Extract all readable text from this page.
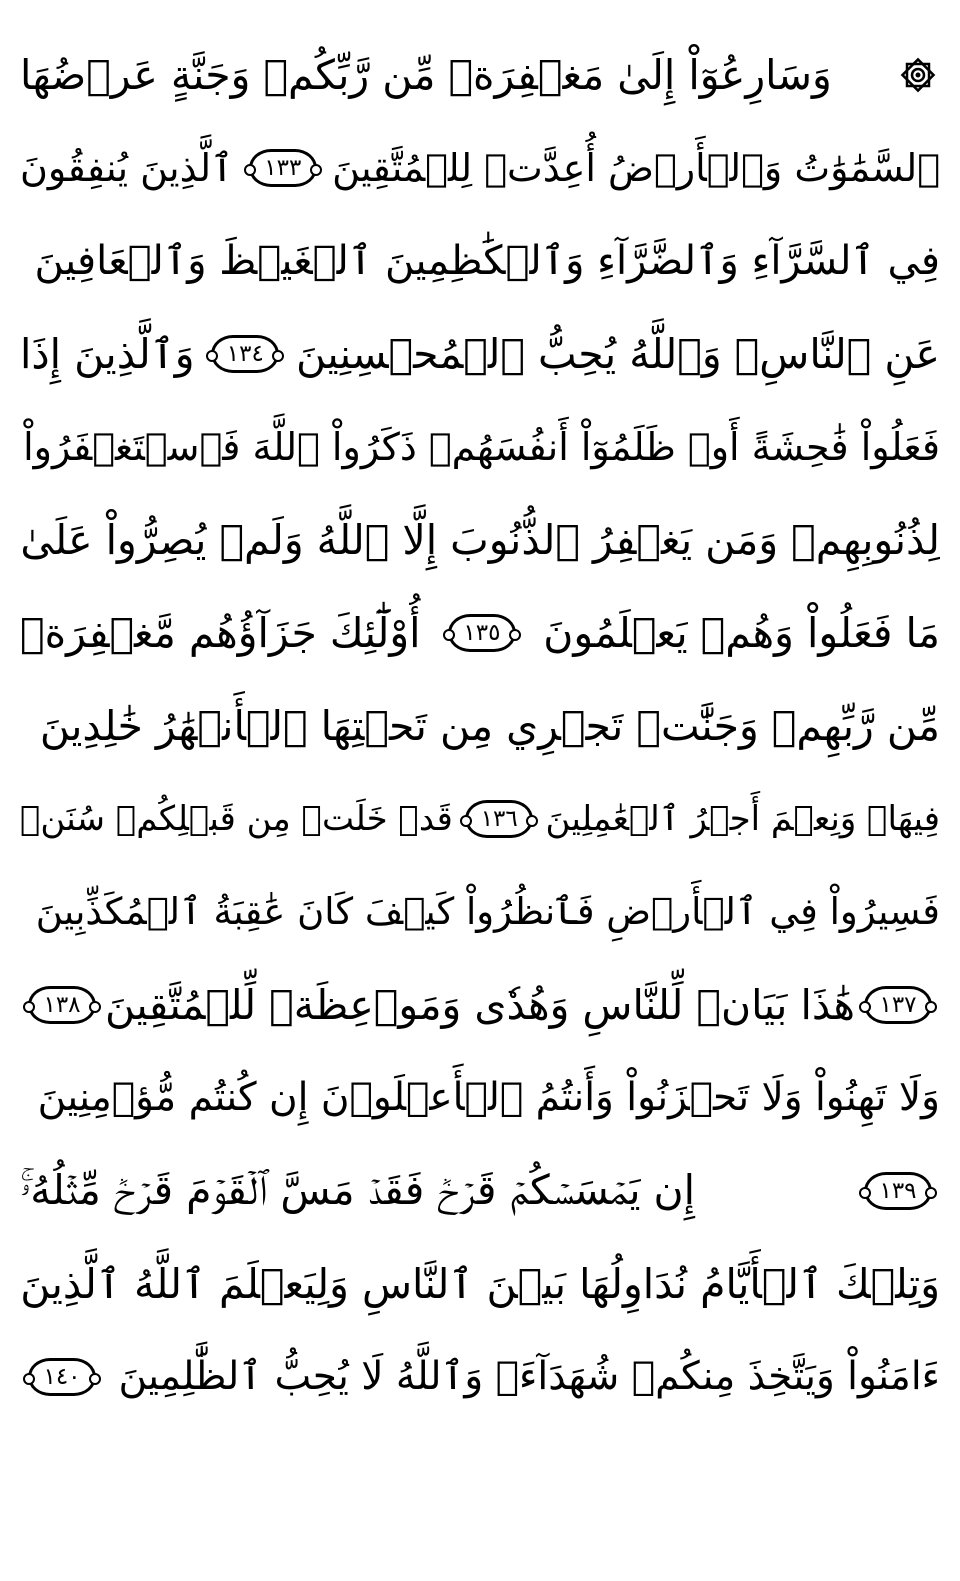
وَسَارِعُوٓاْ إِلَىٰ مَغۡفِرَةٖ مِّن رَّبِّكُمۡ وَجَنَّةٍ عَرۡضُهَا
ٱلسَّمَٰوَٰتُ وَٱلۡأَرۡضُ أُعِدَّتۡ لِلۡمُتَّقِينَ
١٣٣
ٱلَّذِينَ يُنفِقُونَ
فِي ٱلسَّرَّآءِ وَٱلضَّرَّآءِ وَٱلۡكَٰظِمِينَ ٱلۡغَيۡظَ وَٱلۡعَافِينَ
عَنِ ٱلنَّاسِۗ وَٱللَّهُ يُحِبُّ ٱلۡمُحۡسِنِينَ
١٣٤
وَٱلَّذِينَ إِذَا
فَعَلُواْ فَٰحِشَةً أَوۡ ظَلَمُوٓاْ أَنفُسَهُمۡ ذَكَرُواْ ٱللَّهَ فَٱسۡتَغۡفَرُواْ
لِذُنُوبِهِمۡ وَمَن يَغۡفِرُ ٱلذُّنُوبَ إِلَّا ٱللَّهُ وَلَمۡ يُصِرُّواْ عَلَىٰ
مَا فَعَلُواْ وَهُمۡ يَعۡلَمُونَ
١٣٥
أُوْلَٰٓئِكَ جَزَآؤُهُم مَّغۡفِرَةٞ
مِّن رَّبِّهِمۡ وَجَنَّٰتٞ تَجۡرِي مِن تَحۡتِهَا ٱلۡأَنۡهَٰرُ خَٰلِدِينَ
فِيهَاۚ وَنِعۡمَ أَجۡرُ ٱلۡعَٰمِلِينَ
١٣٦
قَدۡ خَلَتۡ مِن قَبۡلِكُمۡ سُنَنٞ
فَسِيرُواْ فِي ٱلۡأَرۡضِ فَٱنظُرُواْ كَيۡفَ كَانَ عَٰقِبَةُ ٱلۡمُكَذِّبِينَ
١٣٧
هَٰذَا بَيَانٞ لِّلنَّاسِ وَهُدٗى وَمَوۡعِظَةٞ لِّلۡمُتَّقِينَ
١٣٨
وَلَا تَهِنُواْ وَلَا تَحۡزَنُواْ وَأَنتُمُ ٱلۡأَعۡلَوۡنَ إِن كُنتُم مُّؤۡمِنِينَ
١٣٩
إِن يَمۡسَسۡكُمۡ قَرۡحٞ فَقَدۡ مَسَّ ٱلۡقَوۡمَ قَرۡحٞ مِّثۡلُهُۥۚ
وَتِلۡكَ ٱلۡأَيَّامُ نُدَاوِلُهَا بَيۡنَ ٱلنَّاسِ وَلِيَعۡلَمَ ٱللَّهُ ٱلَّذِينَ
ءَامَنُواْ وَيَتَّخِذَ مِنكُمۡ شُهَدَآءَۗ وَٱللَّهُ لَا يُحِبُّ ٱلظَّٰلِمِينَ
١٤٠
